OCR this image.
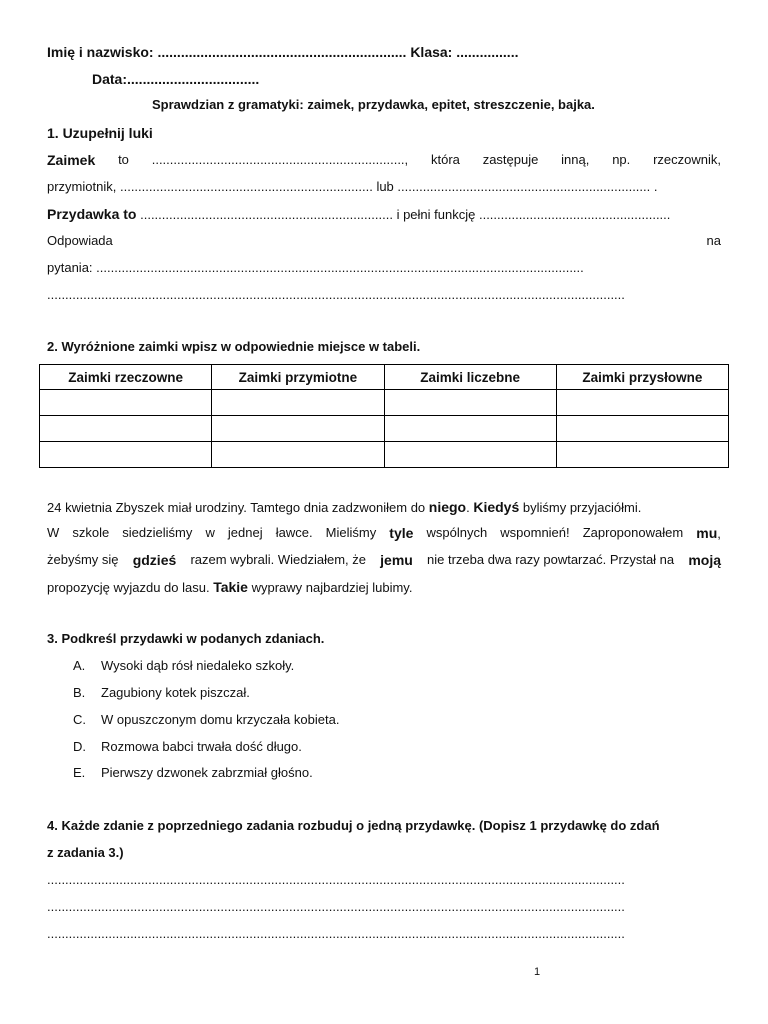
Imię i nazwisko: ................................................................ Klasa: ................
Data:..................................
Sprawdzian z gramatyki: zaimek, przydawka, epitet, streszczenie, bajka.
1. Uzupełnij luki
Zaimek to ......................................................................, która zastępuje inną, np. rzeczownik,
przymiotnik, ...................................................................... lub ...................................................................... .
Przydawka to ...................................................................... i pełni funkcję .....................................................
Odpowiada	na
pytania: .......................................................................................................................................
................................................................................................................................................................
2. Wyróżnione zaimki wpisz w odpowiednie miejsce w tabeli.
Zaimki rzeczowne	Zaimki przymiotne	Zaimki liczebne	Zaimki przysłowne

24 kwietnia Zbyszek miał urodziny. Tamtego dnia zadzwoniłem do niego. Kiedyś byliśmy przyjaciółmi.
W szkole siedzieliśmy w jednej ławce. Mieliśmy tyle wspólnych wspomnień! Zaproponowałem mu,
żebyśmy się gdzieś razem wybrali. Wiedziałem, że jemu nie trzeba dwa razy powtarzać. Przystał na moją
propozycję wyjazdu do lasu. Takie wyprawy najbardziej lubimy.
3. Podkreśl przydawki w podanych zdaniach.
A. Wysoki dąb rósł niedaleko szkoły.
B. Zagubiony kotek piszczał.
C. W opuszczonym domu krzyczała kobieta.
D. Rozmowa babci trwała dość długo.
E. Pierwszy dzwonek zabrzmiał głośno.
4. Każde zdanie z poprzedniego zadania rozbuduj o jedną przydawkę. (Dopisz 1 przydawkę do zdań
z zadania 3.)
................................................................................................................................................................
................................................................................................................................................................
................................................................................................................................................................
1
